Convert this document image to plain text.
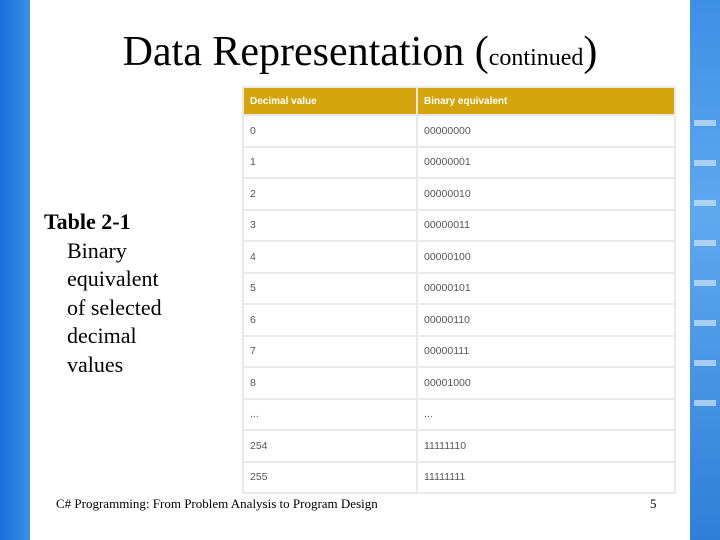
Data Representation (continued)
Table 2-1
Binary
equivalent
of selected
decimal
values
Decimal value	Binary equivalent
0	00000000
1	00000001
2	00000010
3	00000011
4	00000100
5	00000101
6	00000110
7	00000111
8	00001000
...	...
254	11111110
255	11111111
C# Programming: From Problem Analysis to Program Design	5
